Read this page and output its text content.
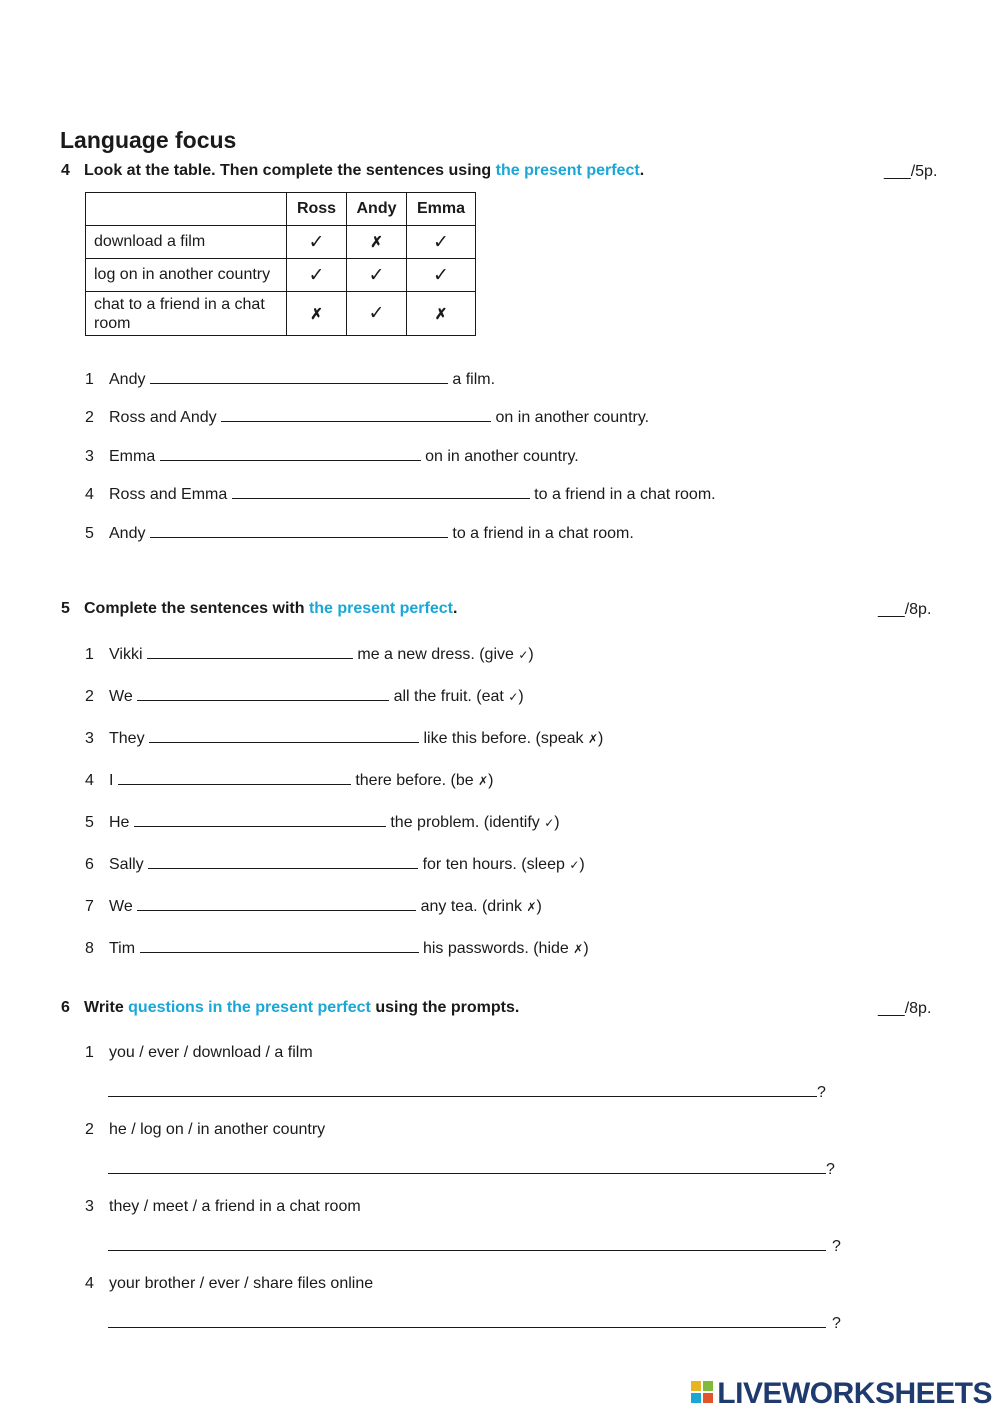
Language focus
4 Look at the table. Then complete the sentences using the present perfect.	___/5p.
	Ross	Andy	Emma
download a film	✓	✗	✓
log on in another country	✓	✓	✓
chat to a friend in a chat room	✗	✓	✗
1 Andy	a film.
2 Ross and Andy	on in another country.
3 Emma	on in another country.
4 Ross and Emma	to a friend in a chat room.
5 Andy	to a friend in a chat room.
5 Complete the sentences with the present perfect.	___/8p.
1 Vikki	me a new dress. (give ✓)
2 We	all the fruit. (eat ✓)
3 They	like this before. (speak ✗)
4 I	there before. (be ✗)
5 He	the problem. (identify ✓)
6 Sally	for ten hours. (sleep ✓)
7 We	any tea. (drink ✗)
8 Tim	his passwords. (hide ✗)
6 Write questions in the present perfect using the prompts.	___/8p.
1 you / ever / download / a film
?
2 he / log on / in another country
?
3 they / meet / a friend in a chat room
?
4 your brother / ever / share files online
?
LIVEWORKSHEETS
